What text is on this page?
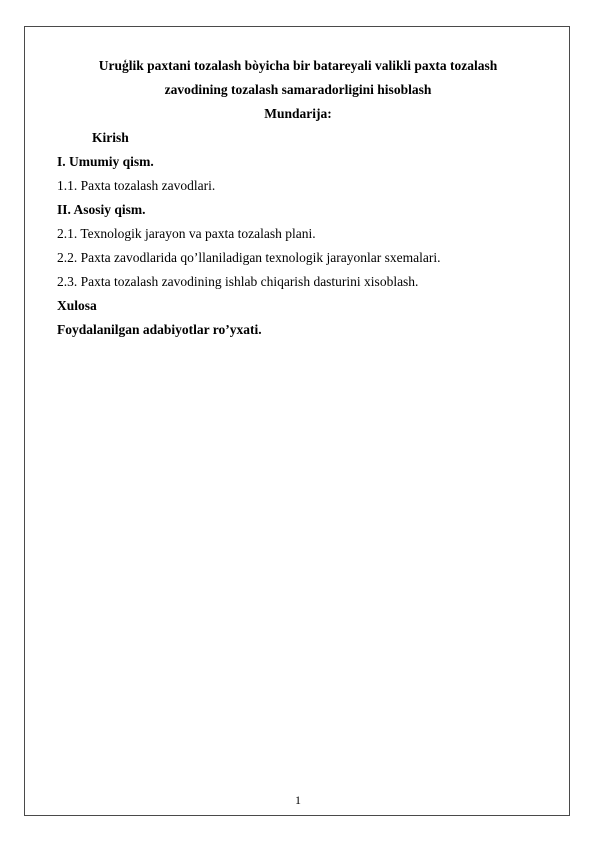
Uruģlik paxtani tozalash bòyicha bir batareyali valikli paxta tozalash
zavodining tozalash samaradorligini hisoblash
Mundarija:
Kirish
I. Umumiy qism.
1.1. Paxta tozalash zavodlari.
II. Asosiy qism.
2.1. Texnologik jarayon va paxta tozalash plani.
2.2. Paxta zavodlarida qo’llaniladigan texnologik jarayonlar sxemalari.
2.3. Paxta tozalash zavodining ishlab chiqarish dasturini xisoblash.
Xulosa
Foydalanilgan adabiyotlar ro’yxati.
1
